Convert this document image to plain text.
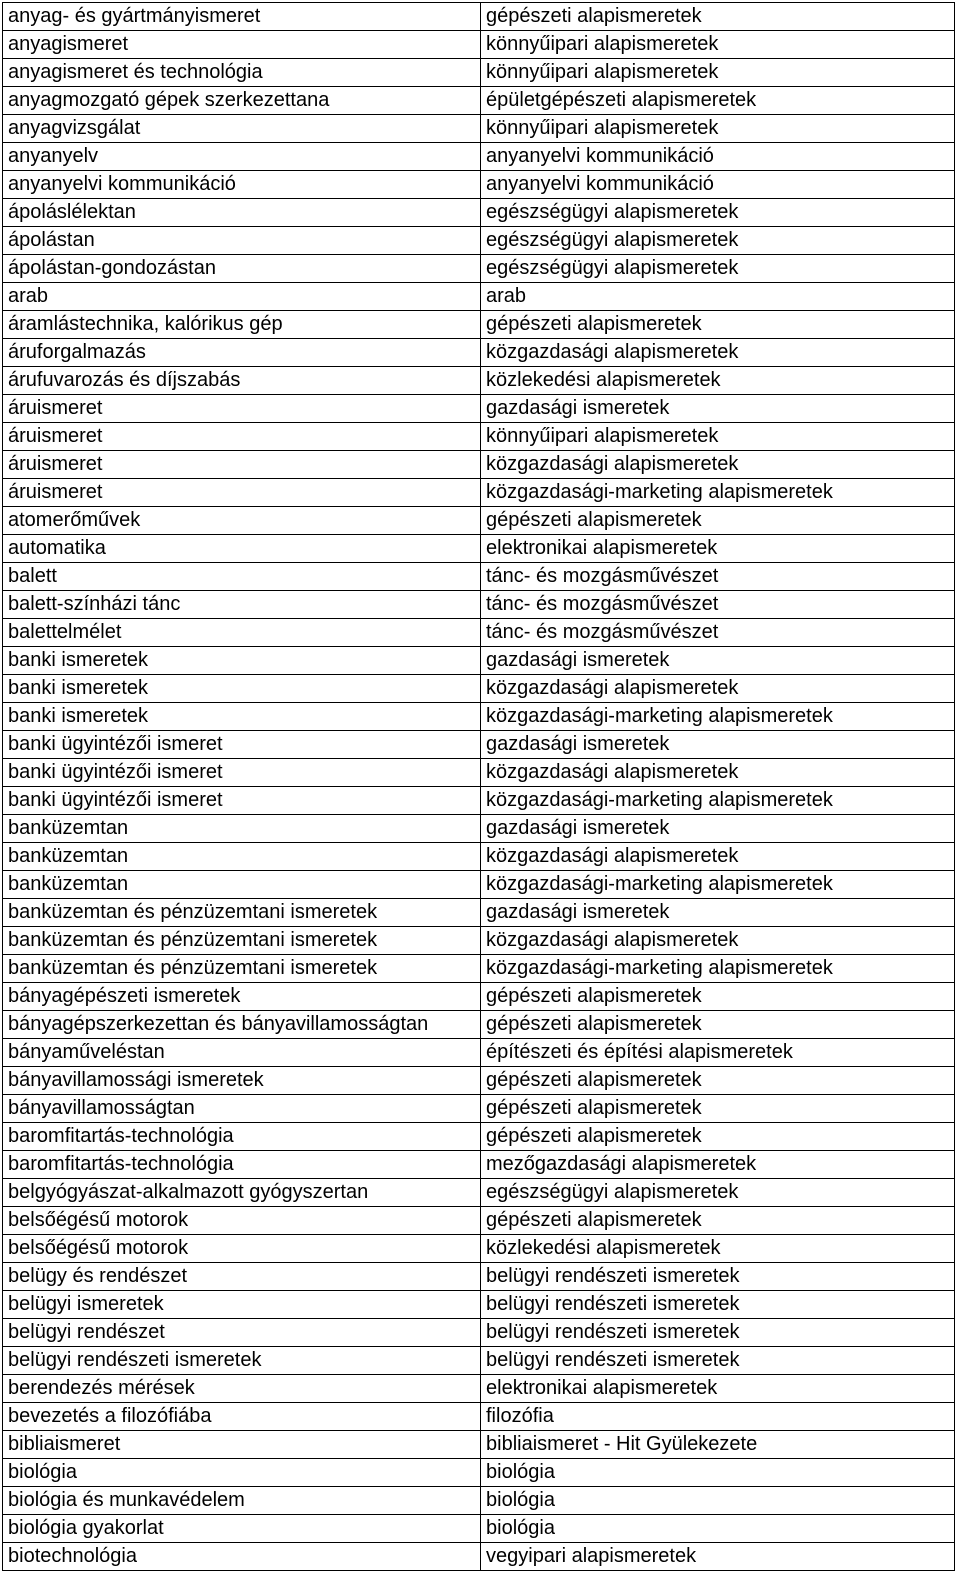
anyag- és gyártmányismeret	gépészeti alapismeretek
anyagismeret	könnyűipari alapismeretek
anyagismeret és technológia	könnyűipari alapismeretek
anyagmozgató gépek szerkezettana	épületgépészeti alapismeretek
anyagvizsgálat	könnyűipari alapismeretek
anyanyelv	anyanyelvi kommunikáció
anyanyelvi kommunikáció	anyanyelvi kommunikáció
ápoláslélektan	egészségügyi alapismeretek
ápolástan	egészségügyi alapismeretek
ápolástan-gondozástan	egészségügyi alapismeretek
arab	arab
áramlástechnika, kalórikus gép	gépészeti alapismeretek
áruforgalmazás	közgazdasági alapismeretek
árufuvarozás és díjszabás	közlekedési alapismeretek
áruismeret	gazdasági ismeretek
áruismeret	könnyűipari alapismeretek
áruismeret	közgazdasági alapismeretek
áruismeret	közgazdasági-marketing alapismeretek
atomerőművek	gépészeti alapismeretek
automatika	elektronikai alapismeretek
balett	tánc- és mozgásművészet
balett-színházi tánc	tánc- és mozgásművészet
balettelmélet	tánc- és mozgásművészet
banki ismeretek	gazdasági ismeretek
banki ismeretek	közgazdasági alapismeretek
banki ismeretek	közgazdasági-marketing alapismeretek
banki ügyintézői ismeret	gazdasági ismeretek
banki ügyintézői ismeret	közgazdasági alapismeretek
banki ügyintézői ismeret	közgazdasági-marketing alapismeretek
banküzemtan	gazdasági ismeretek
banküzemtan	közgazdasági alapismeretek
banküzemtan	közgazdasági-marketing alapismeretek
banküzemtan és pénzüzemtani ismeretek	gazdasági ismeretek
banküzemtan és pénzüzemtani ismeretek	közgazdasági alapismeretek
banküzemtan és pénzüzemtani ismeretek	közgazdasági-marketing alapismeretek
bányagépészeti ismeretek	gépészeti alapismeretek
bányagépszerkezettan és bányavillamosságtan	gépészeti alapismeretek
bányaműveléstan	építészeti és építési alapismeretek
bányavillamossági ismeretek	gépészeti alapismeretek
bányavillamosságtan	gépészeti alapismeretek
baromfitartás-technológia	gépészeti alapismeretek
baromfitartás-technológia	mezőgazdasági alapismeretek
belgyógyászat-alkalmazott gyógyszertan	egészségügyi alapismeretek
belsőégésű motorok	gépészeti alapismeretek
belsőégésű motorok	közlekedési alapismeretek
belügy és rendészet	belügyi rendészeti ismeretek
belügyi ismeretek	belügyi rendészeti ismeretek
belügyi rendészet	belügyi rendészeti ismeretek
belügyi rendészeti ismeretek	belügyi rendészeti ismeretek
berendezés mérések	elektronikai alapismeretek
bevezetés a filozófiába	filozófia
bibliaismeret	bibliaismeret - Hit Gyülekezete
biológia	biológia
biológia és munkavédelem	biológia
biológia gyakorlat	biológia
biotechnológia	vegyipari alapismeretek
